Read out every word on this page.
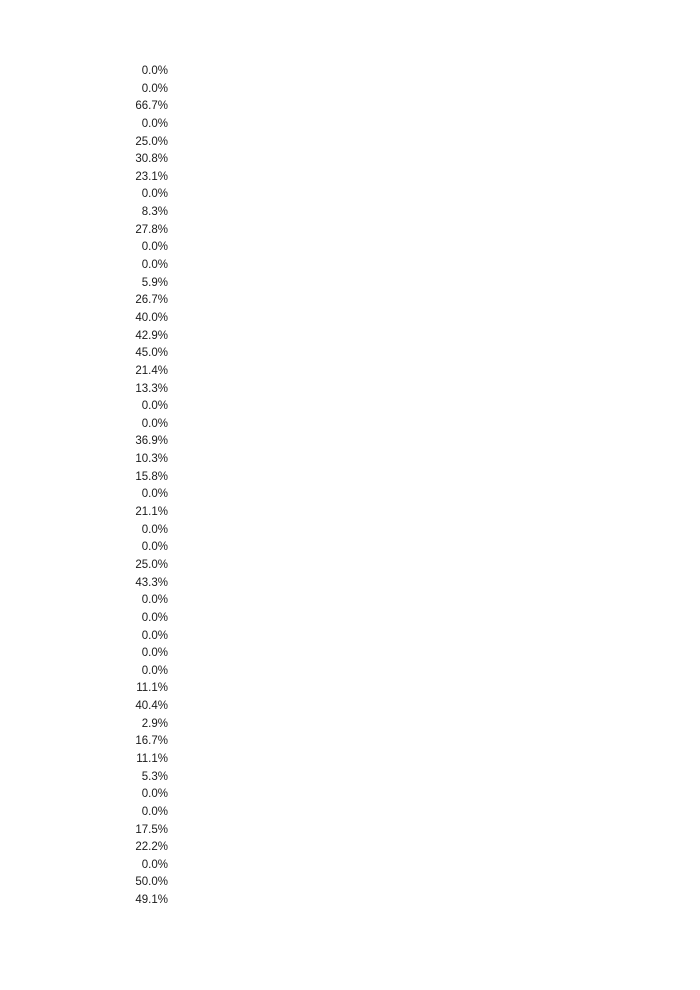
0.0%
0.0%
66.7%
0.0%
25.0%
30.8%
23.1%
0.0%
8.3%
27.8%
0.0%
0.0%
5.9%
26.7%
40.0%
42.9%
45.0%
21.4%
13.3%
0.0%
0.0%
36.9%
10.3%
15.8%
0.0%
21.1%
0.0%
0.0%
25.0%
43.3%
0.0%
0.0%
0.0%
0.0%
0.0%
11.1%
40.4%
2.9%
16.7%
11.1%
5.3%
0.0%
0.0%
17.5%
22.2%
0.0%
50.0%
49.1%
